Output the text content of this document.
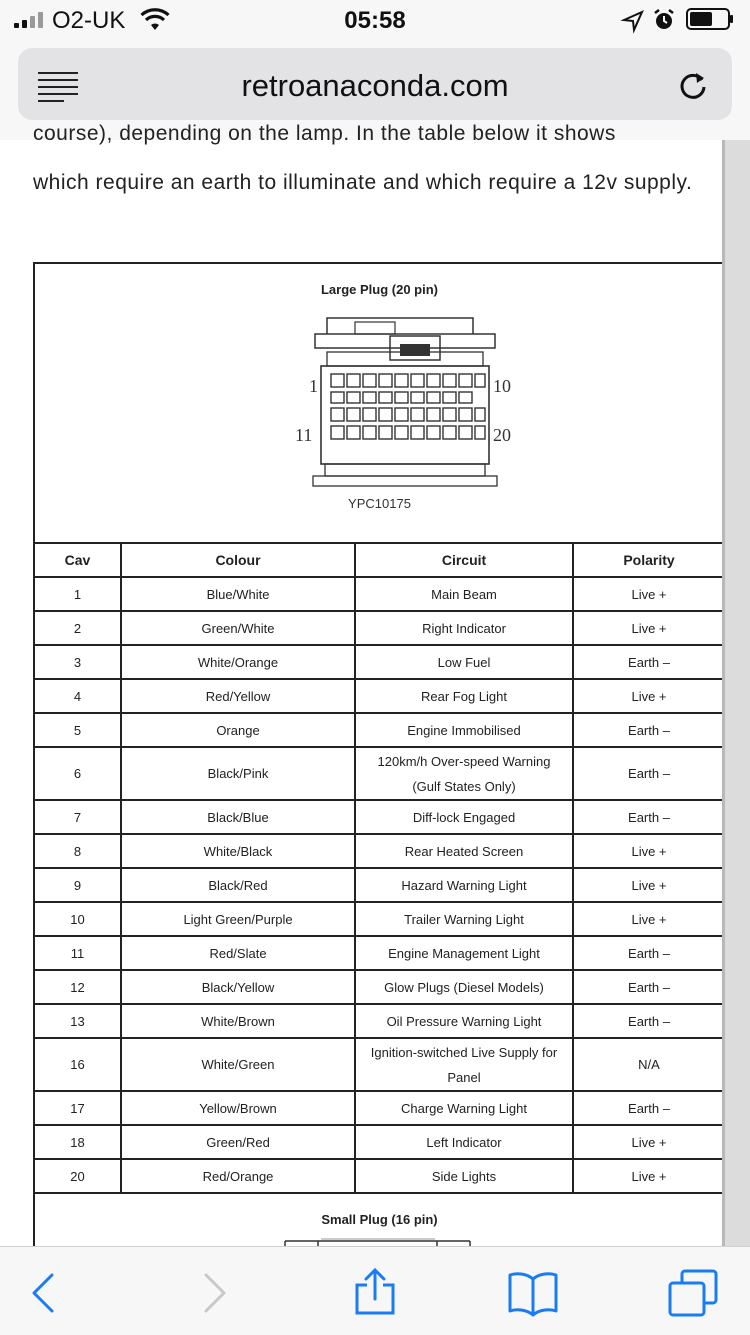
O2-UK	05:58
retroanaconda.com
course), depending on the lamp. In the table below it shows
which require an earth to illuminate and which require a 12v supply.
Large Plug (20 pin)
1	10
11	20
YPC10175
Cav	Colour	Circuit	Polarity
1	Blue/White	Main Beam	Live +
2	Green/White	Right Indicator	Live +
3	White/Orange	Low Fuel	Earth –
4	Red/Yellow	Rear Fog Light	Live +
5	Orange	Engine Immobilised	Earth –
6	Black/Pink	120km/h Over-speed Warning
(Gulf States Only)	Earth –
7	Black/Blue	Diff-lock Engaged	Earth –
8	White/Black	Rear Heated Screen	Live +
9	Black/Red	Hazard Warning Light	Live +
10	Light Green/Purple	Trailer Warning Light	Live +
11	Red/Slate	Engine Management Light	Earth –
12	Black/Yellow	Glow Plugs (Diesel Models)	Earth –
13	White/Brown	Oil Pressure Warning Light	Earth –
16	White/Green	Ignition-switched Live Supply for
Panel	N/A
17	Yellow/Brown	Charge Warning Light	Earth –
18	Green/Red	Left Indicator	Live +
20	Red/Orange	Side Lights	Live +
Small Plug (16 pin)
